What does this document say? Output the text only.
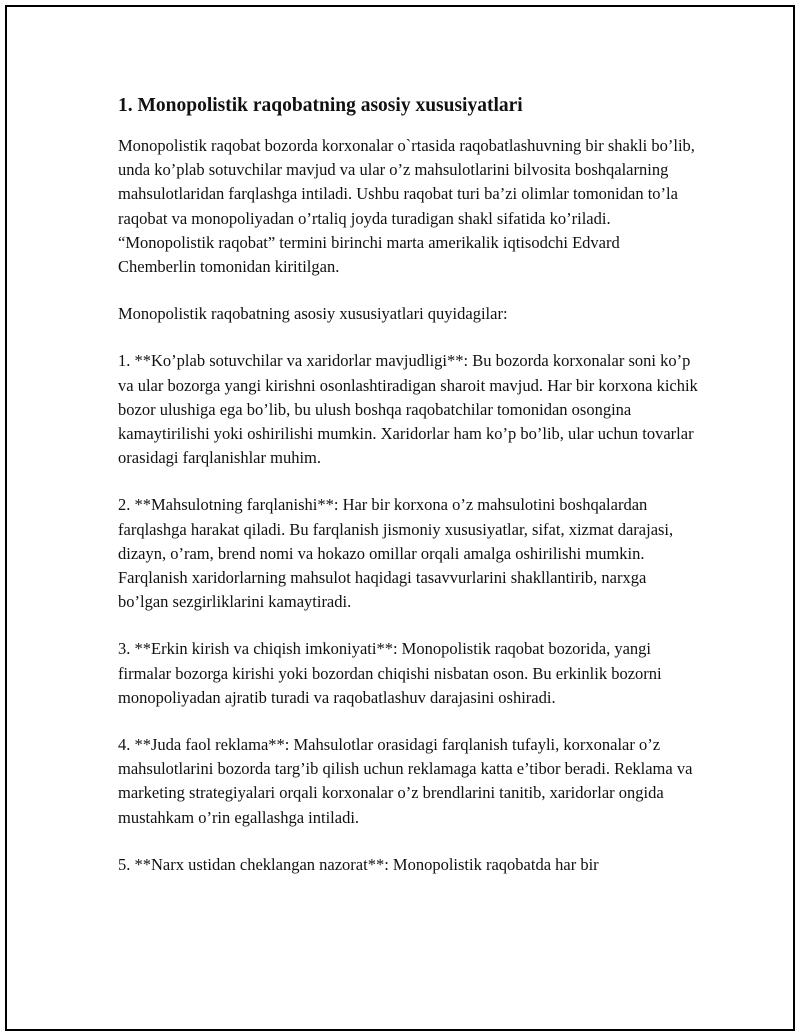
1. Monopolistik raqobatning asosiy xususiyatlari

Monopolistik raqobat bozorda korxonalar o`rtasida raqobatlashuvning bir shakli bo’lib, unda ko’plab sotuvchilar mavjud va ular o’z mahsulotlarini bilvosita boshqalarning mahsulotlaridan farqlashga intiladi. Ushbu raqobat turi ba’zi olimlar tomonidan to’la raqobat va monopoliyadan o’rtaliq joyda turadigan shakl sifatida ko’riladi. “Monopolistik raqobat” termini birinchi marta amerikalik iqtisodchi Edvard Chemberlin tomonidan kiritilgan.

Monopolistik raqobatning asosiy xususiyatlari quyidagilar:

1. **Ko’plab sotuvchilar va xaridorlar mavjudligi**: Bu bozorda korxonalar soni ko’p va ular bozorga yangi kirishni osonlashtiradigan sharoit mavjud. Har bir korxona kichik bozor ulushiga ega bo’lib, bu ulush boshqa raqobatchilar tomonidan osongina kamaytirilishi yoki oshirilishi mumkin. Xaridorlar ham ko’p bo’lib, ular uchun tovarlar orasidagi farqlanishlar muhim.

2. **Mahsulotning farqlanishi**: Har bir korxona o’z mahsulotini boshqalardan farqlashga harakat qiladi. Bu farqlanish jismoniy xususiyatlar, sifat, xizmat darajasi, dizayn, o’ram, brend nomi va hokazo omillar orqali amalga oshirilishi mumkin. Farqlanish xaridorlarning mahsulot haqidagi tasavvurlarini shakllantirib, narxga bo’lgan sezgirliklarini kamaytiradi.

3. **Erkin kirish va chiqish imkoniyati**: Monopolistik raqobat bozorida, yangi firmalar bozorga kirishi yoki bozordan chiqishi nisbatan oson. Bu erkinlik bozorni monopoliyadan ajratib turadi va raqobatlashuv darajasini oshiradi.

4. **Juda faol reklama**: Mahsulotlar orasidagi farqlanish tufayli, korxonalar o’z mahsulotlarini bozorda targ’ib qilish uchun reklamaga katta e’tibor beradi. Reklama va marketing strategiyalari orqali korxonalar o’z brendlarini tanitib, xaridorlar ongida mustahkam o’rin egallashga intiladi.

5. **Narx ustidan cheklangan nazorat**: Monopolistik raqobatda har bir
